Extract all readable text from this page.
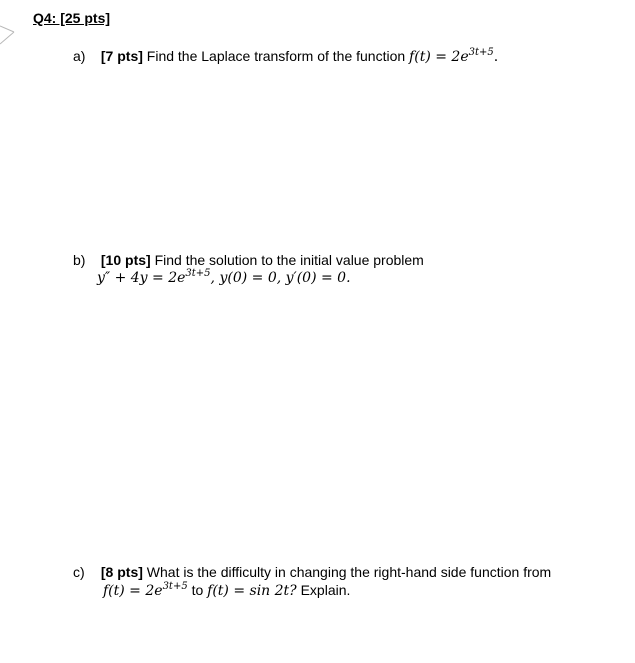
Q4: [25 pts]
a) [7 pts] Find the Laplace transform of the function $f(t) = 2e^{3t+5}$.
b) [10 pts] Find the solution to the initial value problem
$y'' + 4y = 2e^{3t+5}$, y(0) = 0, y′(0) = 0.
c) [8 pts] What is the difficulty in changing the right-hand side function from
$f(t) = 2e^{3t+5}$ to f(t) = sin 2t? Explain.
